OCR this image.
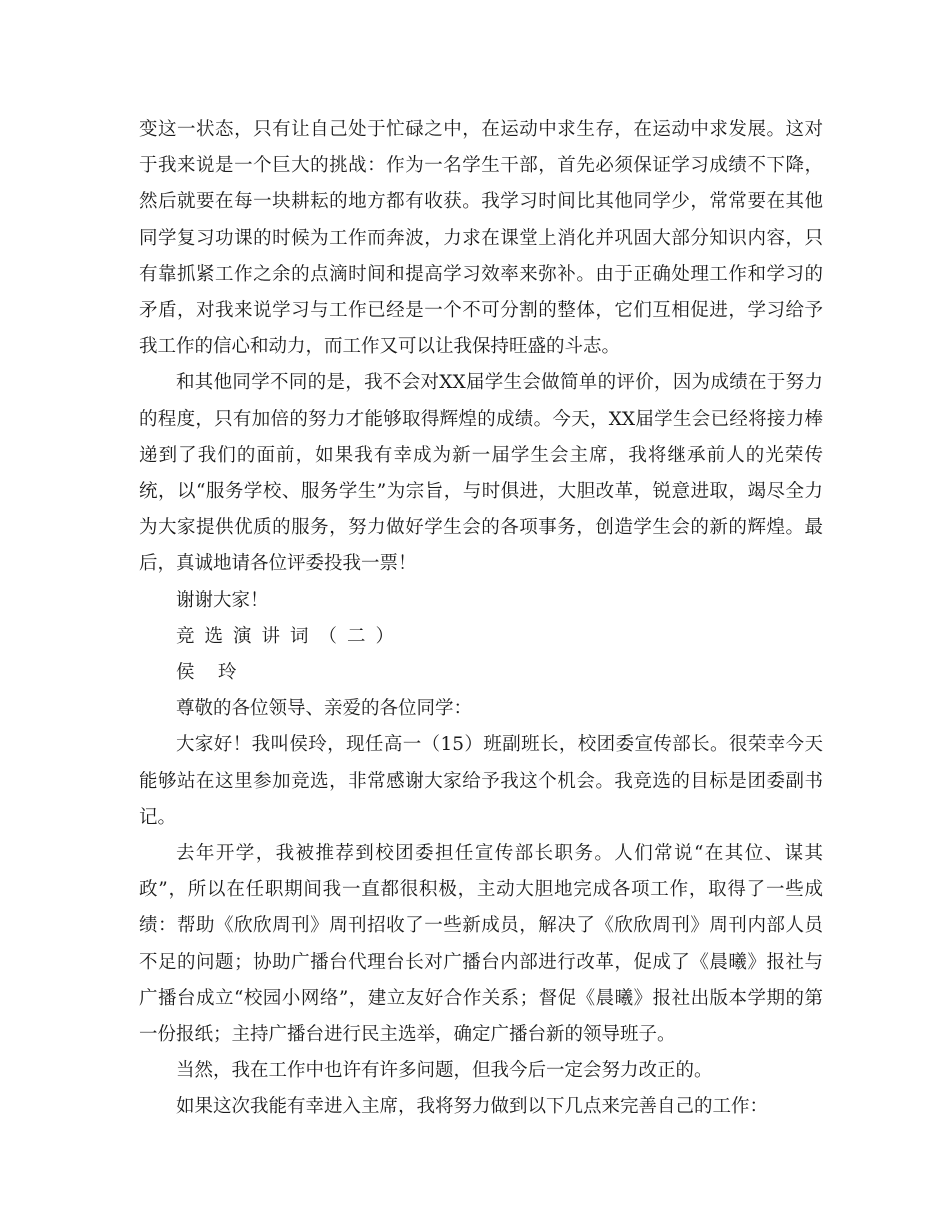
变这一状态，只有让自己处于忙碌之中，在运动中求生存，在运动中求发展。这对于我来说是一个巨大的挑战：作为一名学生干部，首先必须保证学习成绩不下降，然后就要在每一块耕耘的地方都有收获。我学习时间比其他同学少，常常要在其他同学复习功课的时候为工作而奔波，力求在课堂上消化并巩固大部分知识内容，只有靠抓紧工作之余的点滴时间和提高学习效率来弥补。由于正确处理工作和学习的矛盾，对我来说学习与工作已经是一个不可分割的整体，它们互相促进，学习给予我工作的信心和动力，而工作又可以让我保持旺盛的斗志。

和其他同学不同的是，我不会对XX届学生会做简单的评价，因为成绩在于努力的程度，只有加倍的努力才能够取得辉煌的成绩。今天，XX届学生会已经将接力棒递到了我们的面前，如果我有幸成为新一届学生会主席，我将继承前人的光荣传统，以“服务学校、服务学生”为宗旨，与时俱进，大胆改革，锐意进取，竭尽全力为大家提供优质的服务，努力做好学生会的各项事务，创造学生会的新的辉煌。最后，真诚地请各位评委投我一票！

谢谢大家！

竞选演讲词（二）

侯    玲

尊敬的各位领导、亲爱的各位同学：

大家好！我叫侯玲，现任高一（15）班副班长，校团委宣传部长。很荣幸今天能够站在这里参加竞选，非常感谢大家给予我这个机会。我竞选的目标是团委副书记。

去年开学，我被推荐到校团委担任宣传部长职务。人们常说“在其位、谋其政”，所以在任职期间我一直都很积极，主动大胆地完成各项工作，取得了一些成绩：帮助《欣欣周刊》周刊招收了一些新成员，解决了《欣欣周刊》周刊内部人员不足的问题；协助广播台代理台长对广播台内部进行改革，促成了《晨曦》报社与广播台成立“校园小网络”，建立友好合作关系；督促《晨曦》报社出版本学期的第一份报纸；主持广播台进行民主选举，确定广播台新的领导班子。

当然，我在工作中也许有许多问题，但我今后一定会努力改正的。

如果这次我能有幸进入主席，我将努力做到以下几点来完善自己的工作：
